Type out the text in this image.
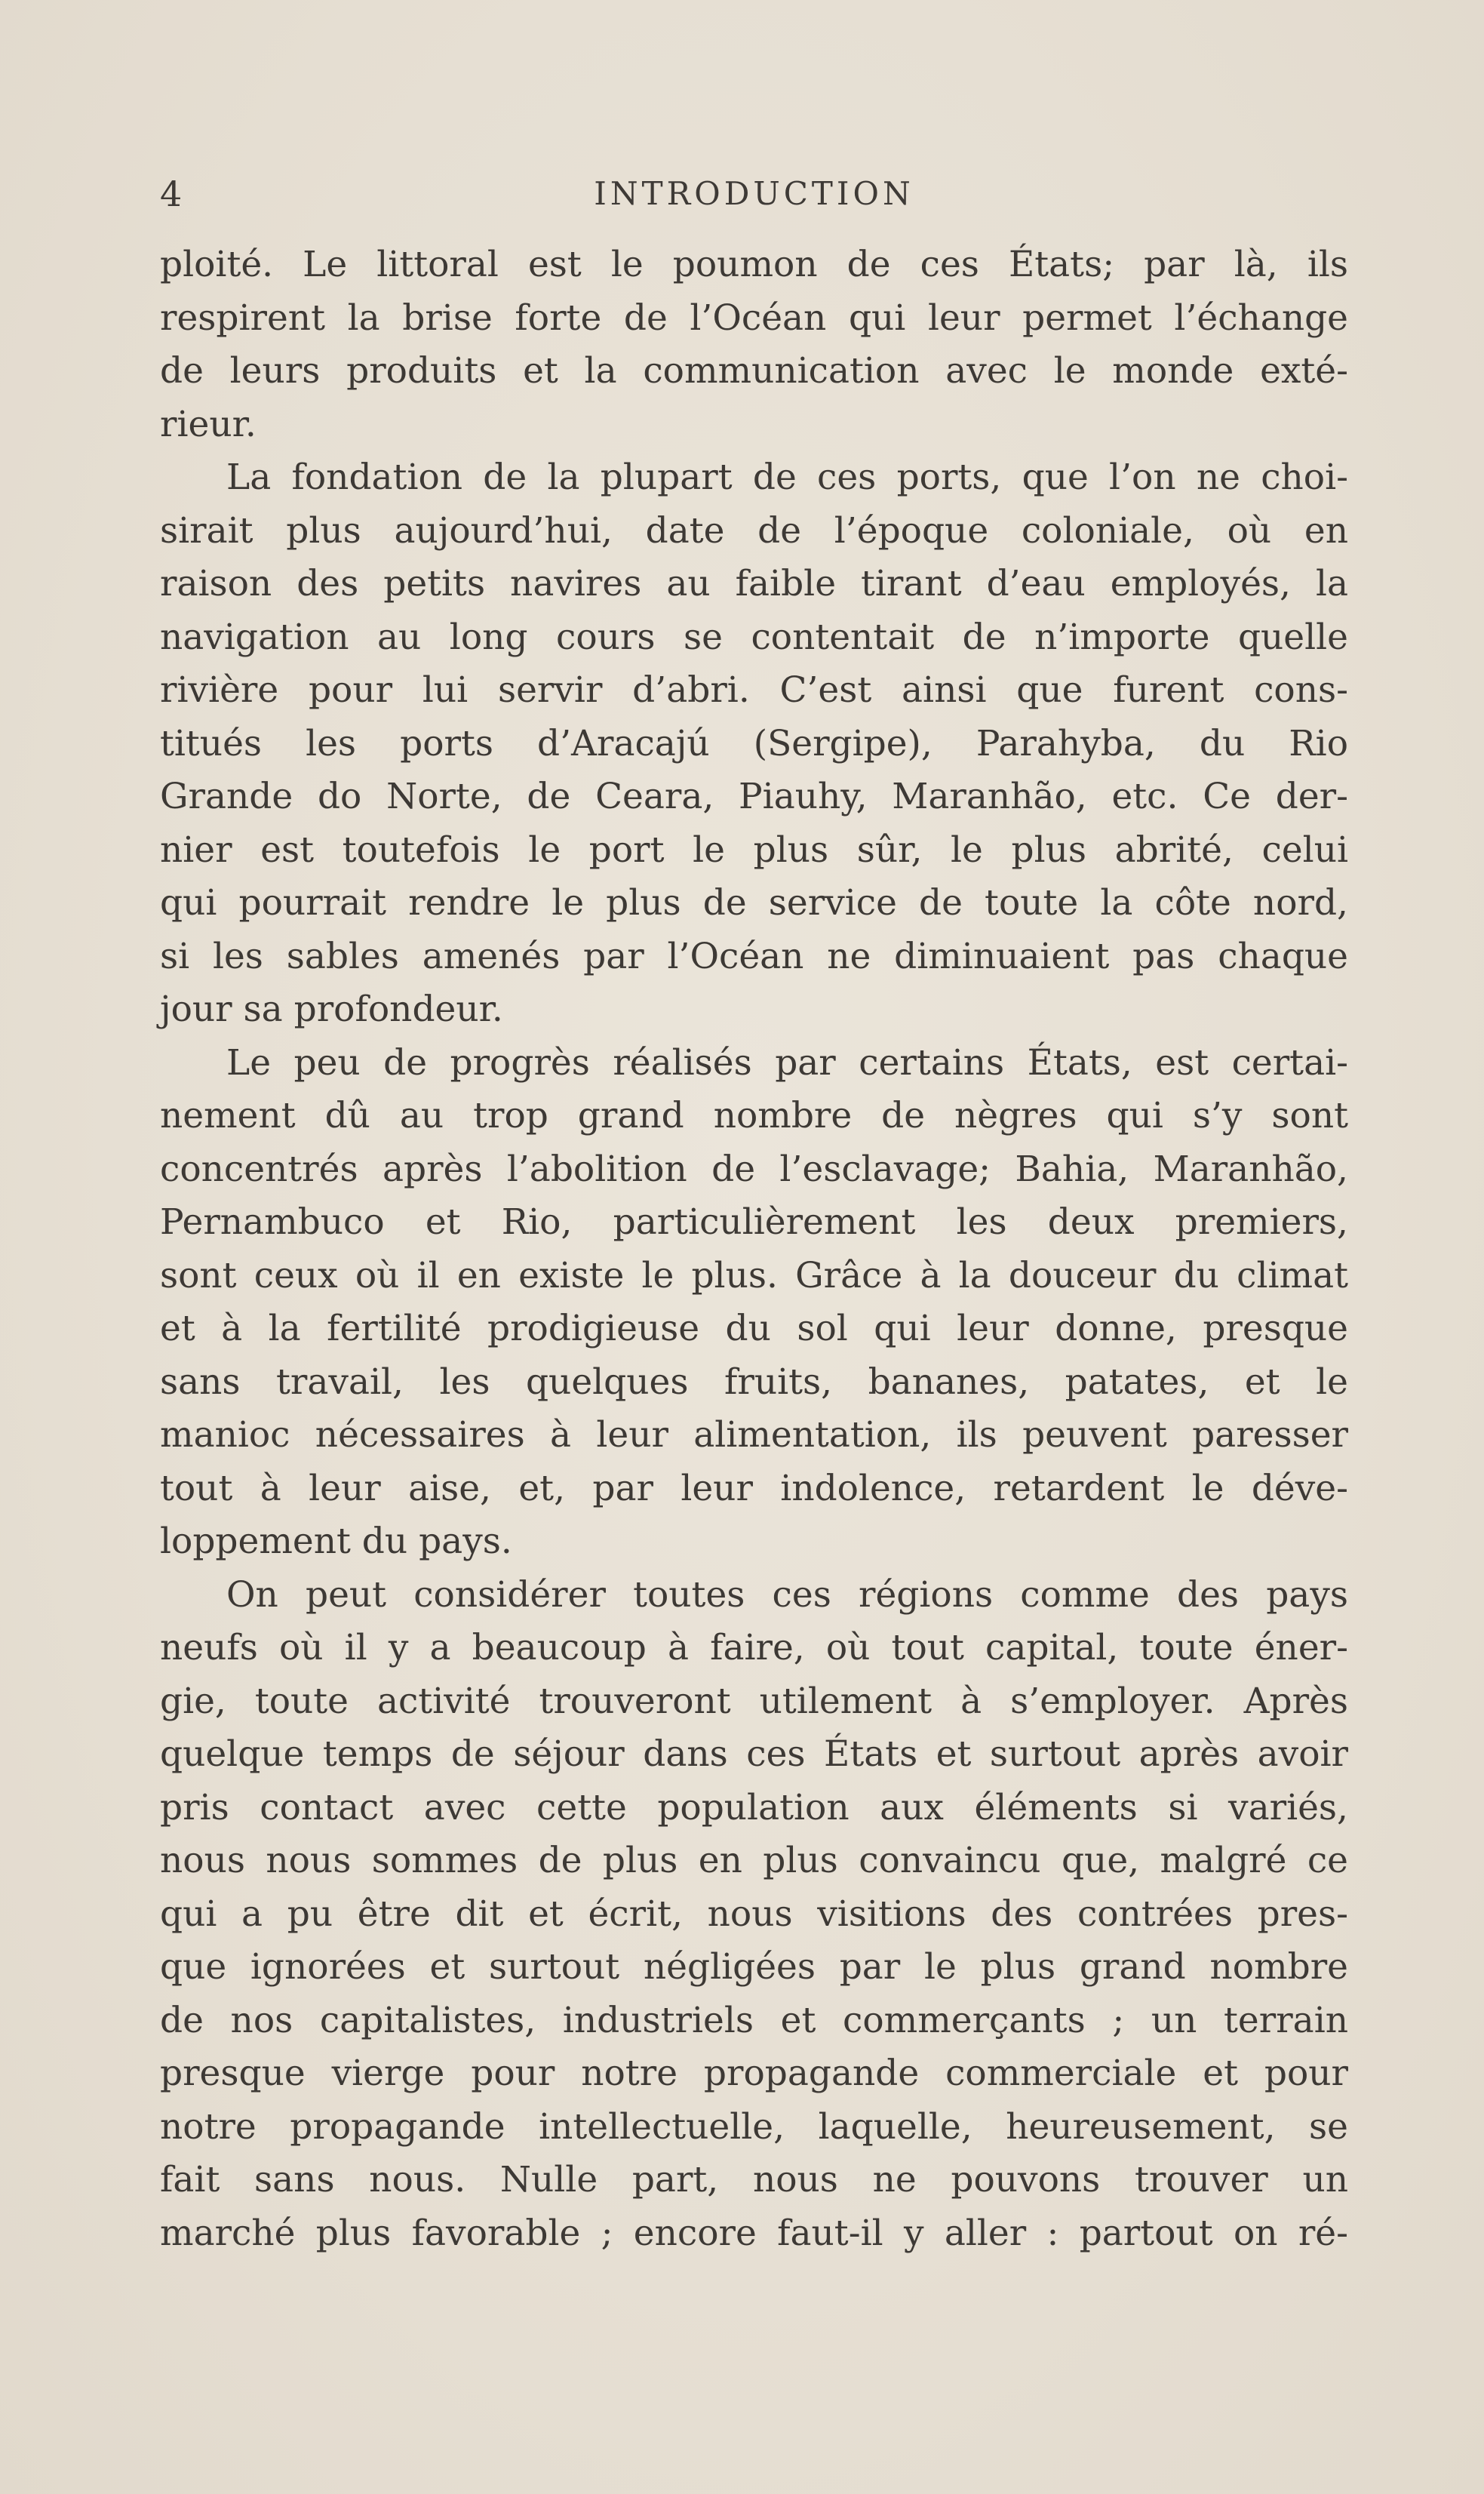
4	INTRODUCTION
ploité. Le littoral est le poumon de ces États; par là, ils
respirent la brise forte de l’Océan qui leur permet l’échange
de leurs produits et la communication avec le monde exté-
rieur.
La fondation de la plupart de ces ports, que l’on ne choi-
sirait plus aujourd’hui, date de l’époque coloniale, où en
raison des petits navires au faible tirant d’eau employés, la
navigation au long cours se contentait de n’importe quelle
rivière pour lui servir d’abri. C’est ainsi que furent cons-
titués les ports d’Aracajú (Sergipe), Parahyba, du Rio
Grande do Norte, de Ceara, Piauhy, Maranhão, etc. Ce der-
nier est toutefois le port le plus sûr, le plus abrité, celui
qui pourrait rendre le plus de service de toute la côte nord,
si les sables amenés par l’Océan ne diminuaient pas chaque
jour sa profondeur.
Le peu de progrès réalisés par certains États, est certai-
nement dû au trop grand nombre de nègres qui s’y sont
concentrés après l’abolition de l’esclavage; Bahia, Maranhão,
Pernambuco et Rio, particulièrement les deux premiers,
sont ceux où il en existe le plus. Grâce à la douceur du climat
et à la fertilité prodigieuse du sol qui leur donne, presque
sans travail, les quelques fruits, bananes, patates, et le
manioc nécessaires à leur alimentation, ils peuvent paresser
tout à leur aise, et, par leur indolence, retardent le déve-
loppement du pays.
On peut considérer toutes ces régions comme des pays
neufs où il y a beaucoup à faire, où tout capital, toute éner-
gie, toute activité trouveront utilement à s’employer. Après
quelque temps de séjour dans ces États et surtout après avoir
pris contact avec cette population aux éléments si variés,
nous nous sommes de plus en plus convaincu que, malgré ce
qui a pu être dit et écrit, nous visitions des contrées pres-
que ignorées et surtout négligées par le plus grand nombre
de nos capitalistes, industriels et commerçants ; un terrain
presque vierge pour notre propagande commerciale et pour
notre propagande intellectuelle, laquelle, heureusement, se
fait sans nous. Nulle part, nous ne pouvons trouver un
marché plus favorable ; encore faut-il y aller : partout on ré-
